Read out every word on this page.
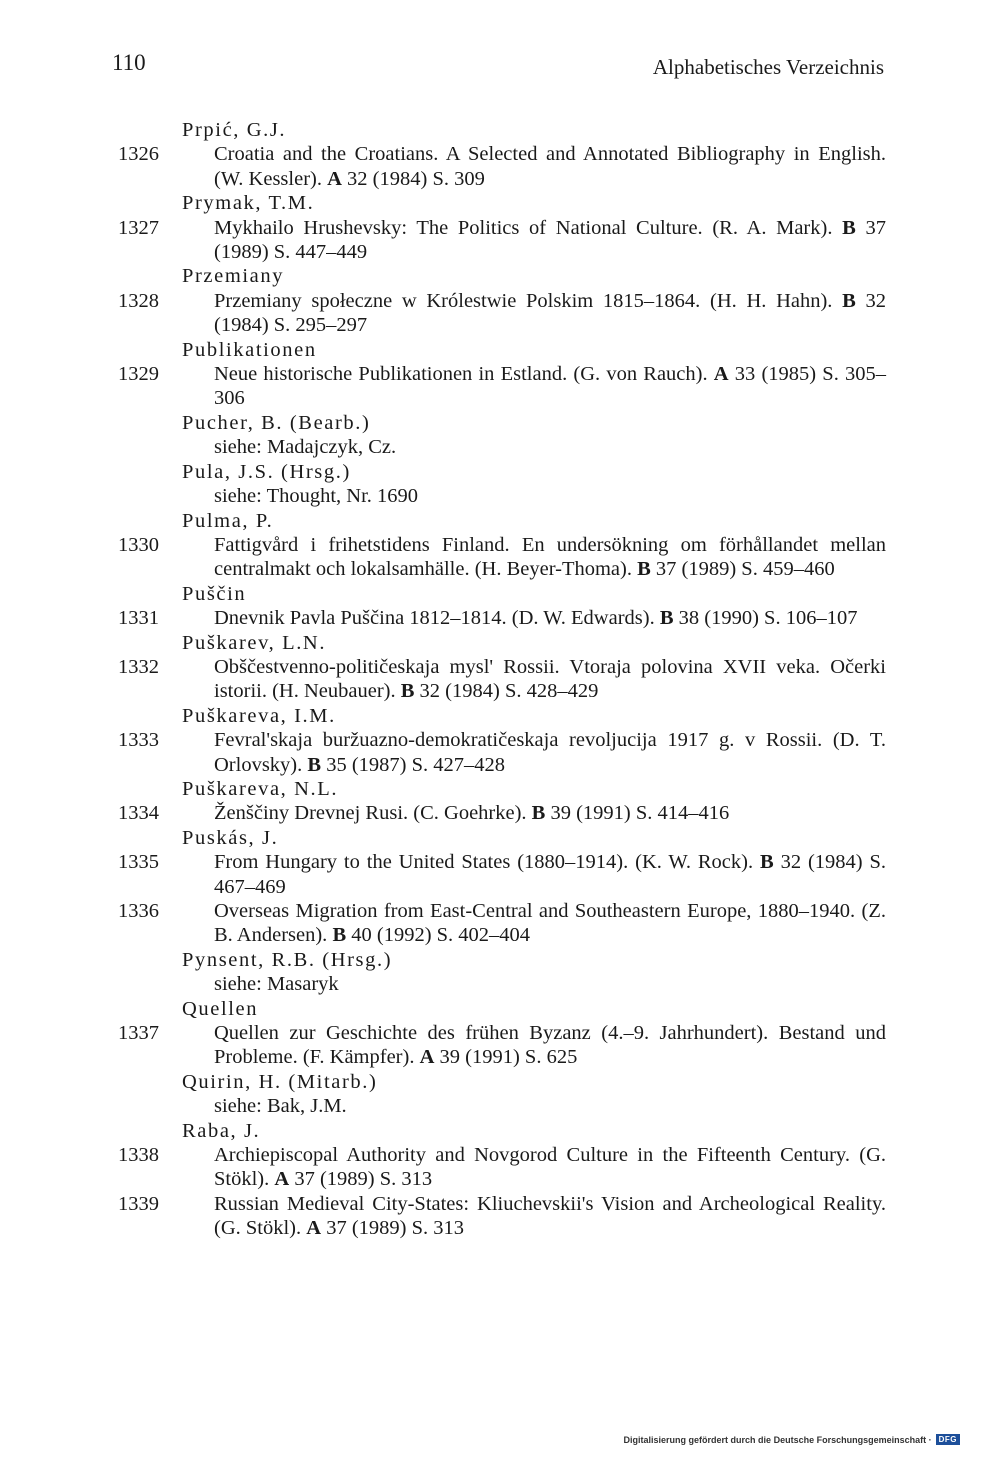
110	Alphabetisches Verzeichnis
Prpić, G.J.
1326	Croatia and the Croatians. A Selected and Annotated Bibliography in English. (W. Kessler). A 32 (1984) S. 309
Prymak, T.M.
1327	Mykhailo Hrushevsky: The Politics of National Culture. (R. A. Mark). B 37 (1989) S. 447–449
Przemiany
1328	Przemiany społeczne w Królestwie Polskim 1815–1864. (H. H. Hahn). B 32 (1984) S. 295–297
Publikationen
1329	Neue historische Publikationen in Estland. (G. von Rauch). A 33 (1985) S. 305–306
Pucher, B. (Bearb.)
siehe: Madajczyk, Cz.
Pula, J.S. (Hrsg.)
siehe: Thought, Nr. 1690
Pulma, P.
1330	Fattigvård i frihetstidens Finland. En undersökning om förhållandet mellan centralmakt och lokalsamhälle. (H. Beyer-Thoma). B 37 (1989) S. 459–460
Puščin
1331	Dnevnik Pavla Puščina 1812–1814. (D. W. Edwards). B 38 (1990) S. 106–107
Puškarev, L.N.
1332	Obščestvenno-političeskaja mysl' Rossii. Vtoraja polovina XVII veka. Očerki istorii. (H. Neubauer). B 32 (1984) S. 428–429
Puškareva, I.M.
1333	Fevral'skaja buržuazno-demokratičeskaja revoljucija 1917 g. v Rossii. (D. T. Orlovsky). B 35 (1987) S. 427–428
Puškareva, N.L.
1334	Ženščiny Drevnej Rusi. (C. Goehrke). B 39 (1991) S. 414–416
Puskás, J.
1335	From Hungary to the United States (1880–1914). (K. W. Rock). B 32 (1984) S. 467–469
1336	Overseas Migration from East-Central and Southeastern Europe, 1880–1940. (Z. B. Andersen). B 40 (1992) S. 402–404
Pynsent, R.B. (Hrsg.)
siehe: Masaryk
Quellen
1337	Quellen zur Geschichte des frühen Byzanz (4.–9. Jahrhundert). Bestand und Probleme. (F. Kämpfer). A 39 (1991) S. 625
Quirin, H. (Mitarb.)
siehe: Bak, J.M.
Raba, J.
1338	Archiepiscopal Authority and Novgorod Culture in the Fifteenth Century. (G. Stökl). A 37 (1989) S. 313
1339	Russian Medieval City-States: Kliuchevskii's Vision and Archeological Reality. (G. Stökl). A 37 (1989) S. 313
Digitalisierung gefördert durch die Deutsche Forschungsgemeinschaft · DFG
